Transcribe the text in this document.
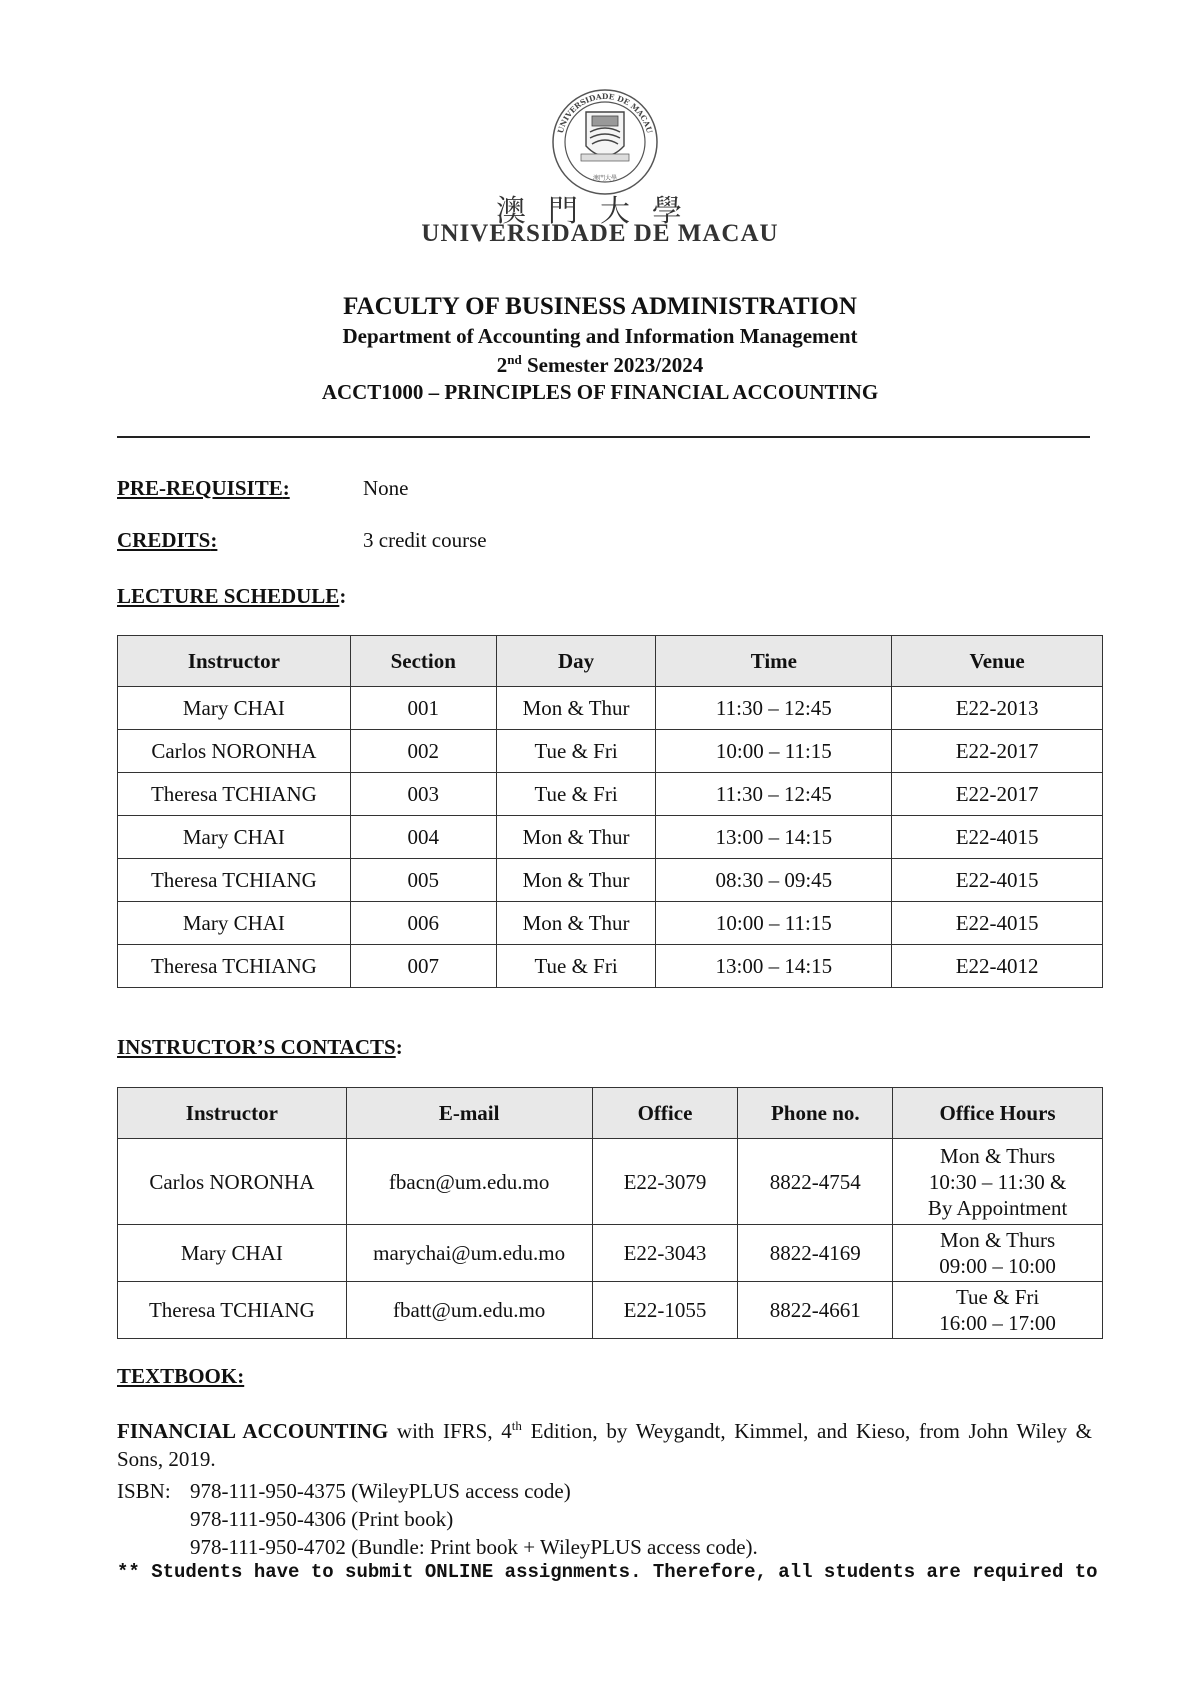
UNIVERSIDADE DE MACAU
澳門大學
澳門大學
UNIVERSIDADE DE MACAU
FACULTY OF BUSINESS ADMINISTRATION
Department of Accounting and Information Management
2nd Semester 2023/2024
ACCT1000 – PRINCIPLES OF FINANCIAL ACCOUNTING
PRE-REQUISITE:	None
CREDITS:	3 credit course
LECTURE SCHEDULE:
Instructor	Section	Day	Time	Venue
Mary CHAI	001	Mon & Thur	11:30 – 12:45	E22-2013
Carlos NORONHA	002	Tue & Fri	10:00 – 11:15	E22-2017
Theresa TCHIANG	003	Tue & Fri	11:30 – 12:45	E22-2017
Mary CHAI	004	Mon & Thur	13:00 – 14:15	E22-4015
Theresa TCHIANG	005	Mon & Thur	08:30 – 09:45	E22-4015
Mary CHAI	006	Mon & Thur	10:00 – 11:15	E22-4015
Theresa TCHIANG	007	Tue & Fri	13:00 – 14:15	E22-4012
INSTRUCTOR’S CONTACTS:
Instructor	E-mail	Office	Phone no.	Office Hours
Carlos NORONHA	fbacn@um.edu.mo	E22-3079	8822-4754	Mon & Thurs
10:30 – 11:30 &
By Appointment
Mary CHAI	marychai@um.edu.mo	E22-3043	8822-4169	Mon & Thurs
09:00 – 10:00
Theresa TCHIANG	fbatt@um.edu.mo	E22-1055	8822-4661	Tue & Fri
16:00 – 17:00
TEXTBOOK:
FINANCIAL ACCOUNTING with IFRS, 4th Edition, by Weygandt, Kimmel, and Kieso, from John Wiley & Sons, 2019.
ISBN: 978-111-950-4375 (WileyPLUS access code)
978-111-950-4306 (Print book)
978-111-950-4702 (Bundle: Print book + WileyPLUS access code).
** Students have to submit ONLINE assignments. Therefore, all students are required to
